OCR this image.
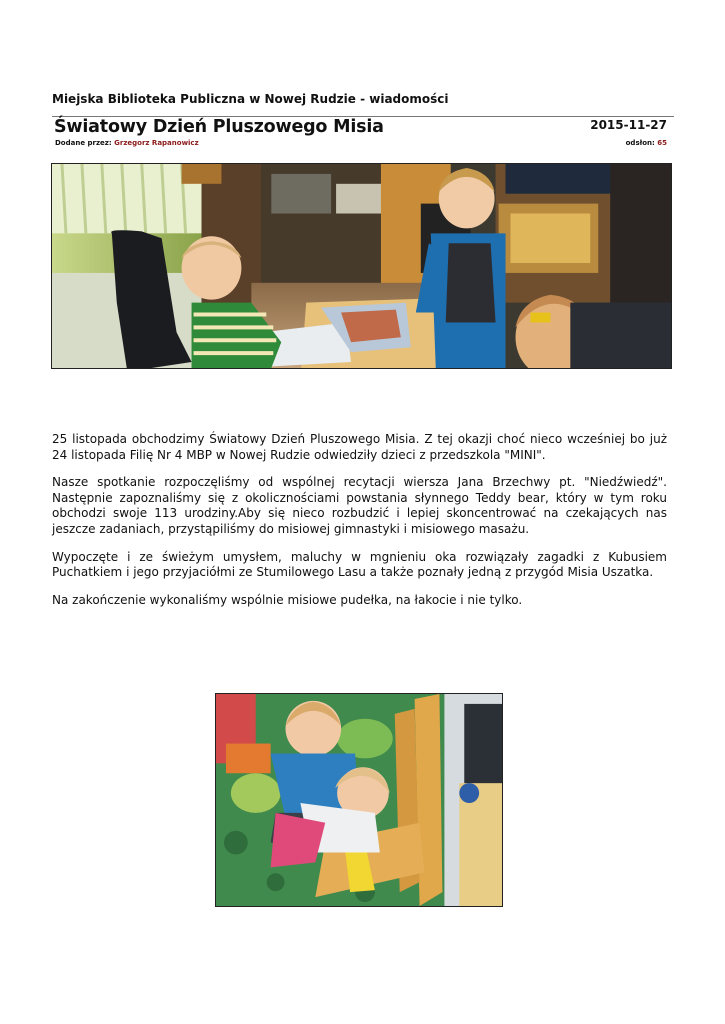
Miejska Biblioteka Publiczna w Nowej Rudzie - wiadomości
Światowy Dzień Pluszowego Misia	2015-11-27
Dodane przez: Grzegorz Rapanowicz	odsłon: 65

25 listopada obchodzimy Światowy Dzień Pluszowego Misia. Z tej okazji choć nieco wcześniej bo już 24 listopada Filię Nr 4 MBP w Nowej Rudzie odwiedziły dzieci z przedszkola "MINI".

Nasze spotkanie rozpoczęliśmy od wspólnej recytacji wiersza Jana Brzechwy pt. "Niedźwiedź". Następnie zapoznaliśmy się z okolicznościami powstania słynnego Teddy bear, który w tym roku obchodzi swoje 113 urodziny.Aby się nieco rozbudzić i lepiej skoncentrować na czekających nas jeszcze zadaniach, przystąpiliśmy do misiowej gimnastyki i misiowego masażu.

Wypoczęte i ze świeżym umysłem, maluchy w mgnieniu oka rozwiązały zagadki z Kubusiem Puchatkiem i jego przyjaciółmi ze Stumilowego Lasu a także poznały jedną z przygód Misia Uszatka.

Na zakończenie wykonaliśmy wspólnie misiowe pudełka, na łakocie i nie tylko.
